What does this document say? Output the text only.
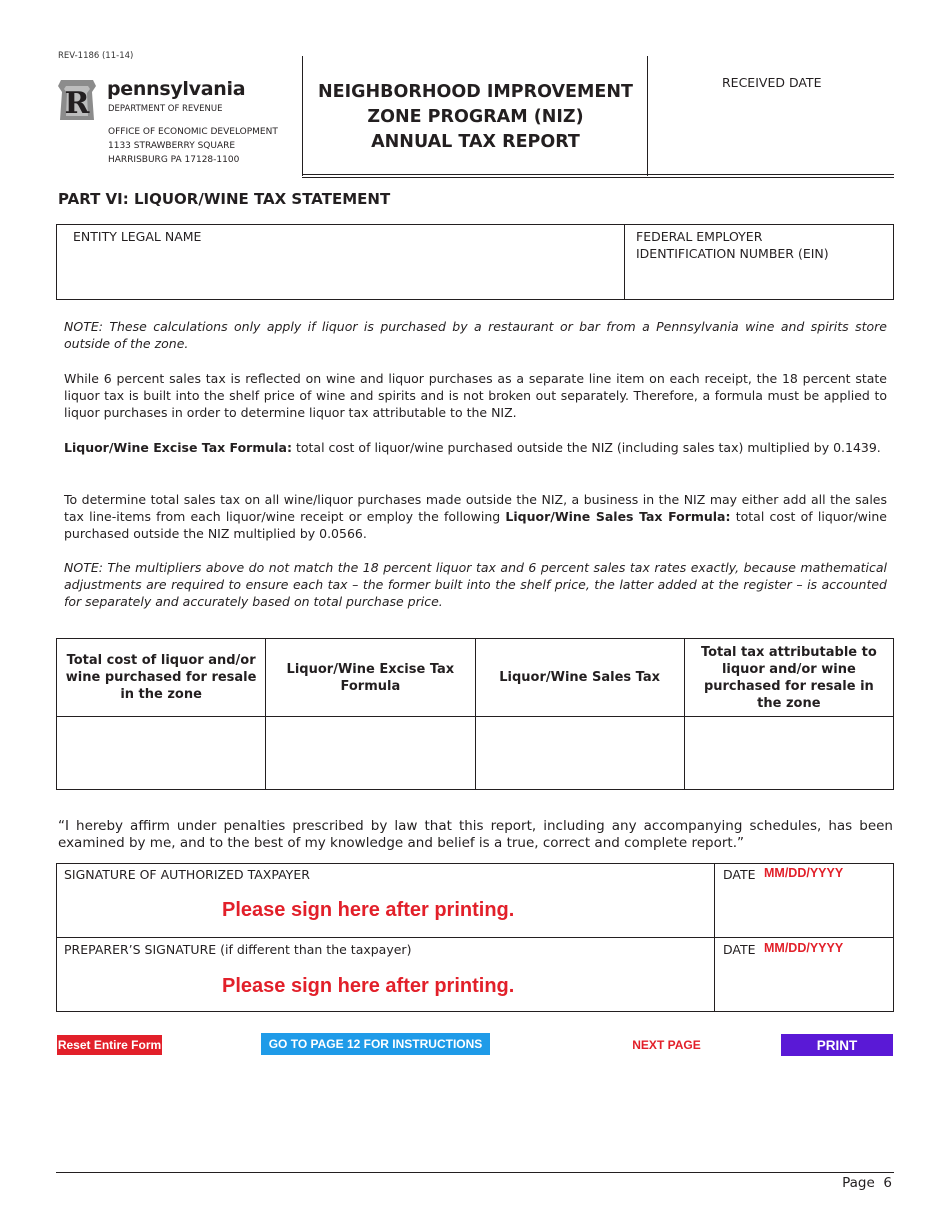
REV-1186 (11-14)
R pennsylvania
DEPARTMENT OF REVENUE
OFFICE OF ECONOMIC DEVELOPMENT
1133 STRAWBERRY SQUARE
HARRISBURG PA 17128-1100
NEIGHBORHOOD IMPROVEMENT
ZONE PROGRAM (NIZ)
ANNUAL TAX REPORT
RECEIVED DATE
PART VI: LIQUOR/WINE TAX STATEMENT
ENTITY LEGAL NAME	FEDERAL EMPLOYER
IDENTIFICATION NUMBER (EIN)
NOTE: These calculations only apply if liquor is purchased by a restaurant or bar from a Pennsylvania wine and spirits store outside of the zone.
While 6 percent sales tax is reflected on wine and liquor purchases as a separate line item on each receipt, the 18 percent state liquor tax is built into the shelf price of wine and spirits and is not broken out separately. Therefore, a formula must be applied to liquor purchases in order to determine liquor tax attributable to the NIZ.
Liquor/Wine Excise Tax Formula: total cost of liquor/wine purchased outside the NIZ (including sales tax) multiplied by 0.1439.
To determine total sales tax on all wine/liquor purchases made outside the NIZ, a business in the NIZ may either add all the sales tax line-items from each liquor/wine receipt or employ the following Liquor/Wine Sales Tax Formula: total cost of liquor/wine purchased outside the NIZ multiplied by 0.0566.
NOTE: The multipliers above do not match the 18 percent liquor tax and 6 percent sales tax rates exactly, because mathematical adjustments are required to ensure each tax – the former built into the shelf price, the latter added at the register – is accounted for separately and accurately based on total purchase price.
Total cost of liquor and/or wine purchased for resale in the zone	Liquor/Wine Excise Tax Formula	Liquor/Wine Sales Tax	Total tax attributable to liquor and/or wine purchased for resale in the zone

“I hereby affirm under penalties prescribed by law that this report, including any accompanying schedules, has been examined by me, and to the best of my knowledge and belief is a true, correct and complete report.”
SIGNATURE OF AUTHORIZED TAXPAYER
Please sign here after printing.
DATE MM/DD/YYYY
PREPARER’S SIGNATURE (if different than the taxpayer)
Please sign here after printing.
DATE MM/DD/YYYY
Reset Entire Form	GO TO PAGE 12 FOR INSTRUCTIONS	NEXT PAGE	PRINT
Page 6
